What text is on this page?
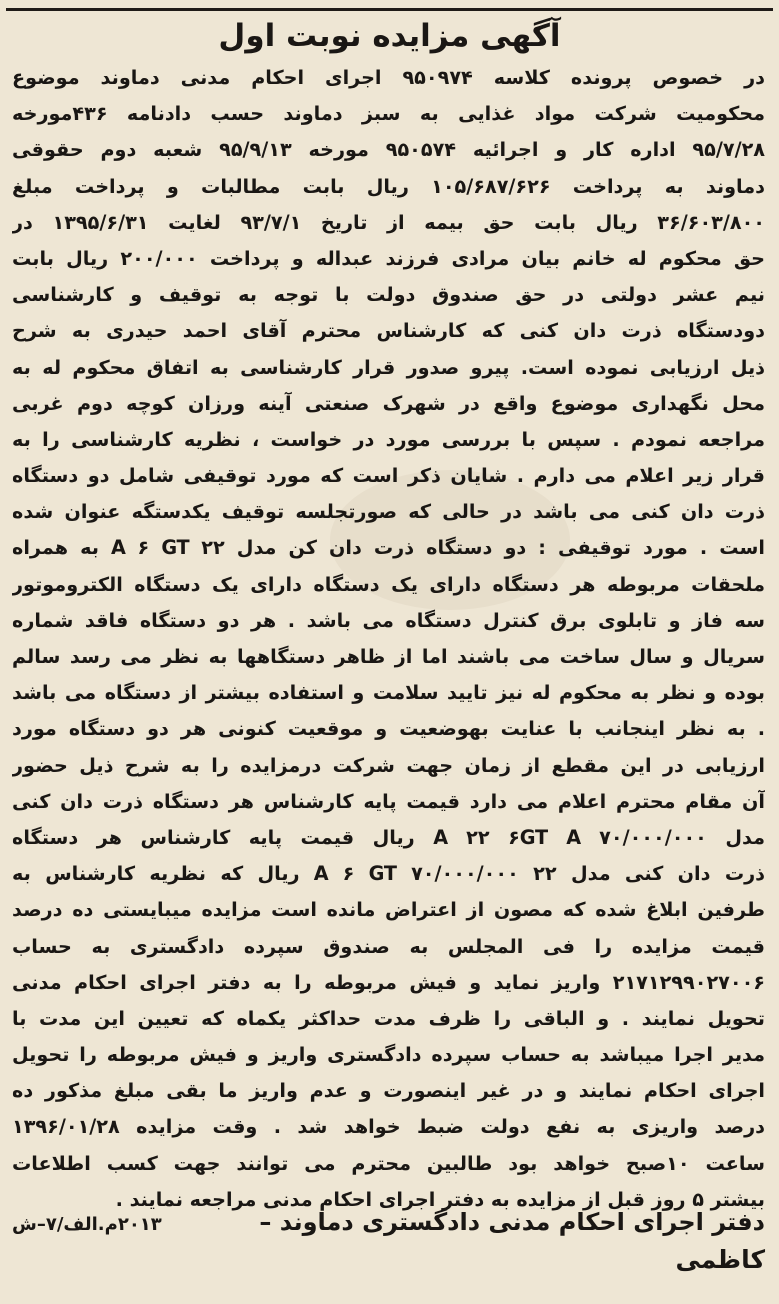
آگهی مزایده نوبت اول
در خصوص پرونده کلاسه ۹۵۰۹۷۴ اجرای احکام مدنی دماوند موضوع
محکومیت شرکت مواد غذایی به سبز دماوند حسب دادنامه ۴۳۶مورخه
۹۵/۷/۲۸ اداره کار و اجرائیه ۹۵۰۵۷۴ مورخه ۹۵/۹/۱۳ شعبه دوم حقوقی
دماوند به پرداخت ۱۰۵/۶۸۷/۶۲۶ ریال بابت مطالبات و پرداخت مبلغ
۳۶/۶۰۳/۸۰۰ ریال بابت حق بیمه از تاریخ ۹۳/۷/۱ لغایت ۱۳۹۵/۶/۳۱ در
حق محکوم له خانم بیان مرادی فرزند عبداله و پرداخت ۲۰۰/۰۰۰ ریال بابت
نیم عشر دولتی در حق صندوق دولت با توجه به توقیف و کارشناسی
دودستگاه ذرت دان کنی که کارشناس محترم آقای احمد حیدری به شرح
ذیل ارزیابی نموده است. پیرو صدور قرار کارشناسی به اتفاق محکوم له به
محل نگهداری موضوع واقع در شهرک صنعتی آینه ورزان کوچه دوم غربی
مراجعه نمودم . سپس با بررسی مورد در خواست ، نظریه کارشناسی را به
قرار زیر اعلام می دارم . شایان ذکر است که مورد توقیفی شامل دو دستگاه
ذرت دان کنی می باشد در حالی که صورتجلسه توقیف یکدستگه عنوان شده
است . مورد توقیفی : دو دستگاه ذرت دان کن مدل A ۶ GT ۲۲ به همراه
ملحقات مربوطه هر دستگاه دارای یک دستگاه دارای یک دستگاه الکتروموتور
سه فاز و تابلوی برق کنترل دستگاه می باشد . هر دو دستگاه فاقد شماره
سریال و سال ساخت می باشند اما از ظاهر دستگاهها به نظر می رسد سالم
بوده و نظر به محکوم له نیز تایید سلامت و استفاده بیشتر از دستگاه می باشد
. به نظر اینجانب با عنایت بهوضعیت و موقعیت کنونی هر دو دستگاه مورد
ارزیابی در این مقطع از زمان جهت شرکت درمزایده را به شرح ذیل حضور
آن مقام محترم اعلام می دارد قیمت پایه کارشناس هر دستگاه ذرت دان کنی
مدل A ۲۲ ۶GT A ۷۰/۰۰۰/۰۰۰ ریال قیمت پایه کارشناس هر دستگاه
ذرت دان کنی مدل ۲۲ ۷۰/۰۰۰/۰۰۰ A ۶ GT ریال که نظریه کارشناس به
طرفین ابلاغ شده که مصون از اعتراض مانده است مزایده میبایستی ده درصد
قیمت مزایده را فی المجلس به صندوق سپرده دادگستری به حساب
۲۱۷۱۲۹۹۰۲۷۰۰۶ واریز نماید و فیش مربوطه را به دفتر اجرای احکام مدنی
تحویل نمایند . و الباقی را ظرف مدت حداکثر یکماه که تعیین این مدت با
مدیر اجرا میباشد به حساب سپرده دادگستری واریز و فیش مربوطه را تحویل
اجرای احکام نمایند و در غیر اینصورت و عدم واریز ما بقی مبلغ مذکور ده
درصد واریزی به نفع دولت ضبط خواهد شد . وقت مزایده ۱۳۹۶/۰۱/۲۸
ساعت ۱۰صبح خواهد بود طالبین محترم می توانند جهت کسب اطلاعات
بیشتر ۵ روز قبل از مزایده به دفتر اجرای احکام مدنی مراجعه نمایند .
دفتر اجرای احکام مدنی دادگستری دماوند –
۲۰۱۳م.الف/۷–ش
کاظمی
